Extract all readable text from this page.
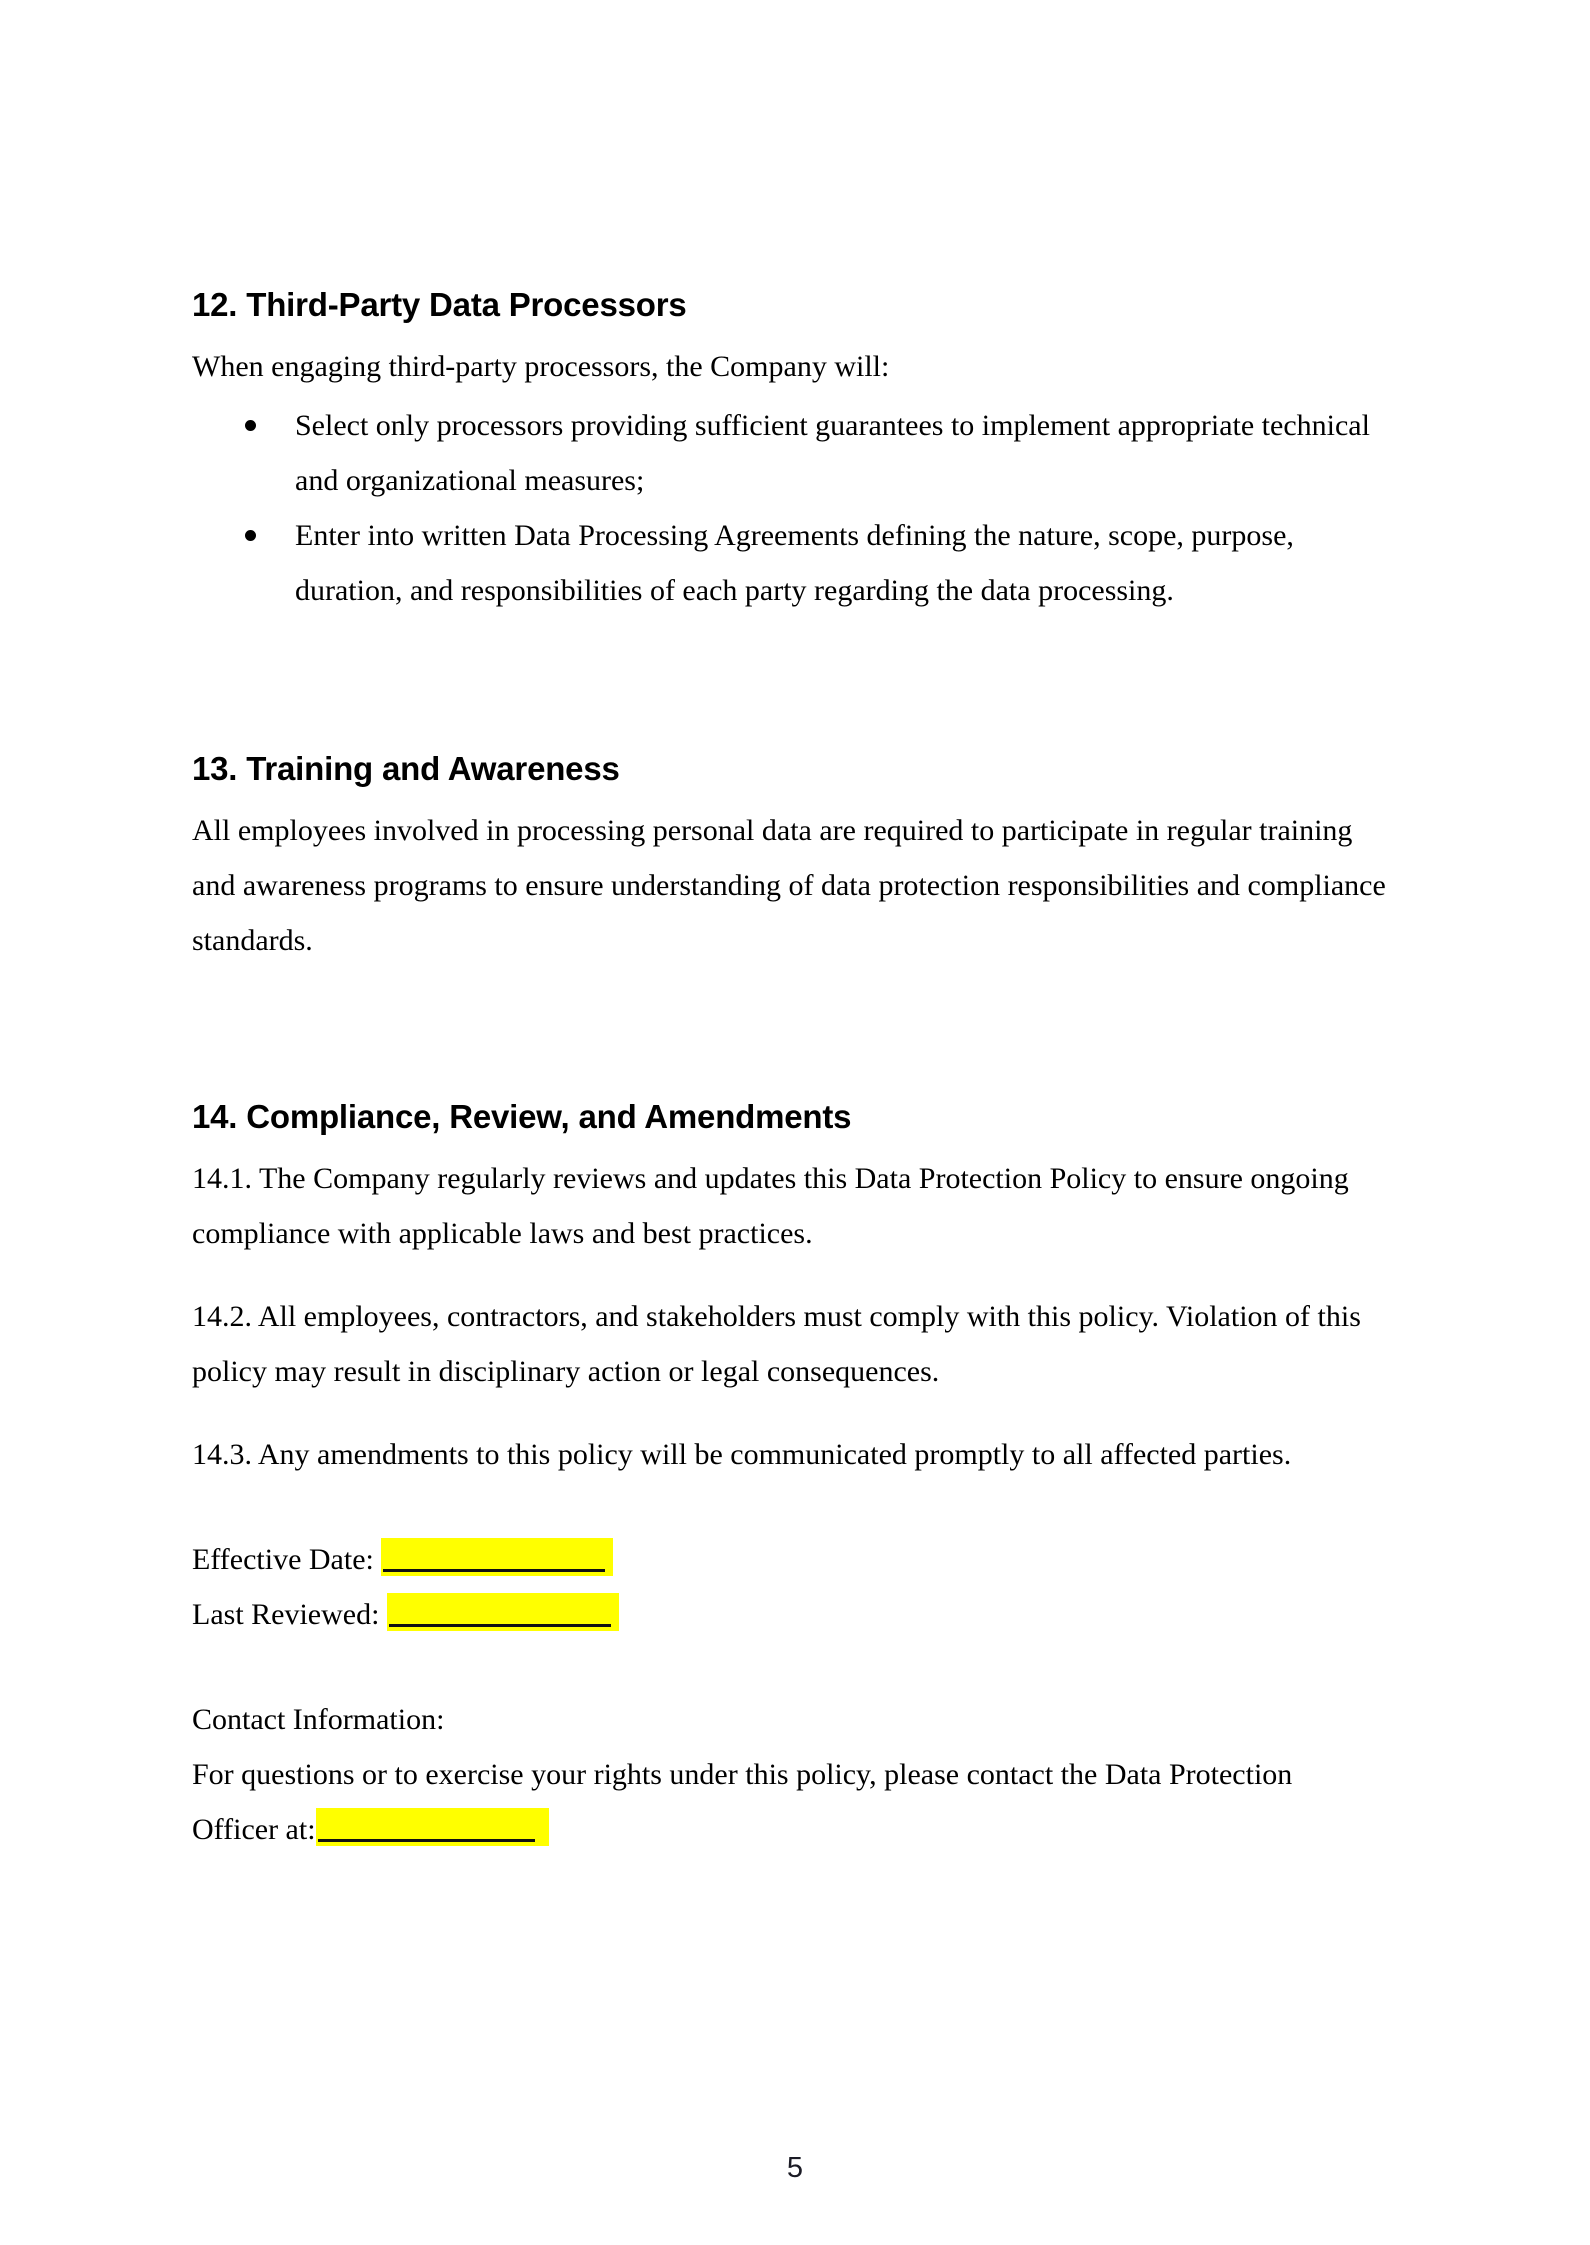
12. Third-Party Data Processors

When engaging third-party processors, the Company will:

Select only processors providing sufficient guarantees to implement appropriate technical and organizational measures;
Enter into written Data Processing Agreements defining the nature, scope, purpose, duration, and responsibilities of each party regarding the data processing.
13. Training and Awareness

All employees involved in processing personal data are required to participate in regular training and awareness programs to ensure understanding of data protection responsibilities and compliance standards.

14. Compliance, Review, and Amendments

14.1. The Company regularly reviews and updates this Data Protection Policy to ensure ongoing compliance with applicable laws and best practices.

14.2. All employees, contractors, and stakeholders must comply with this policy. Violation of this policy may result in disciplinary action or legal consequences.

14.3. Any amendments to this policy will be communicated promptly to all affected parties.

Effective Date:
Last Reviewed:

Contact Information:

For questions or to exercise your rights under this policy, please contact the Data Protection

Officer at:
5
